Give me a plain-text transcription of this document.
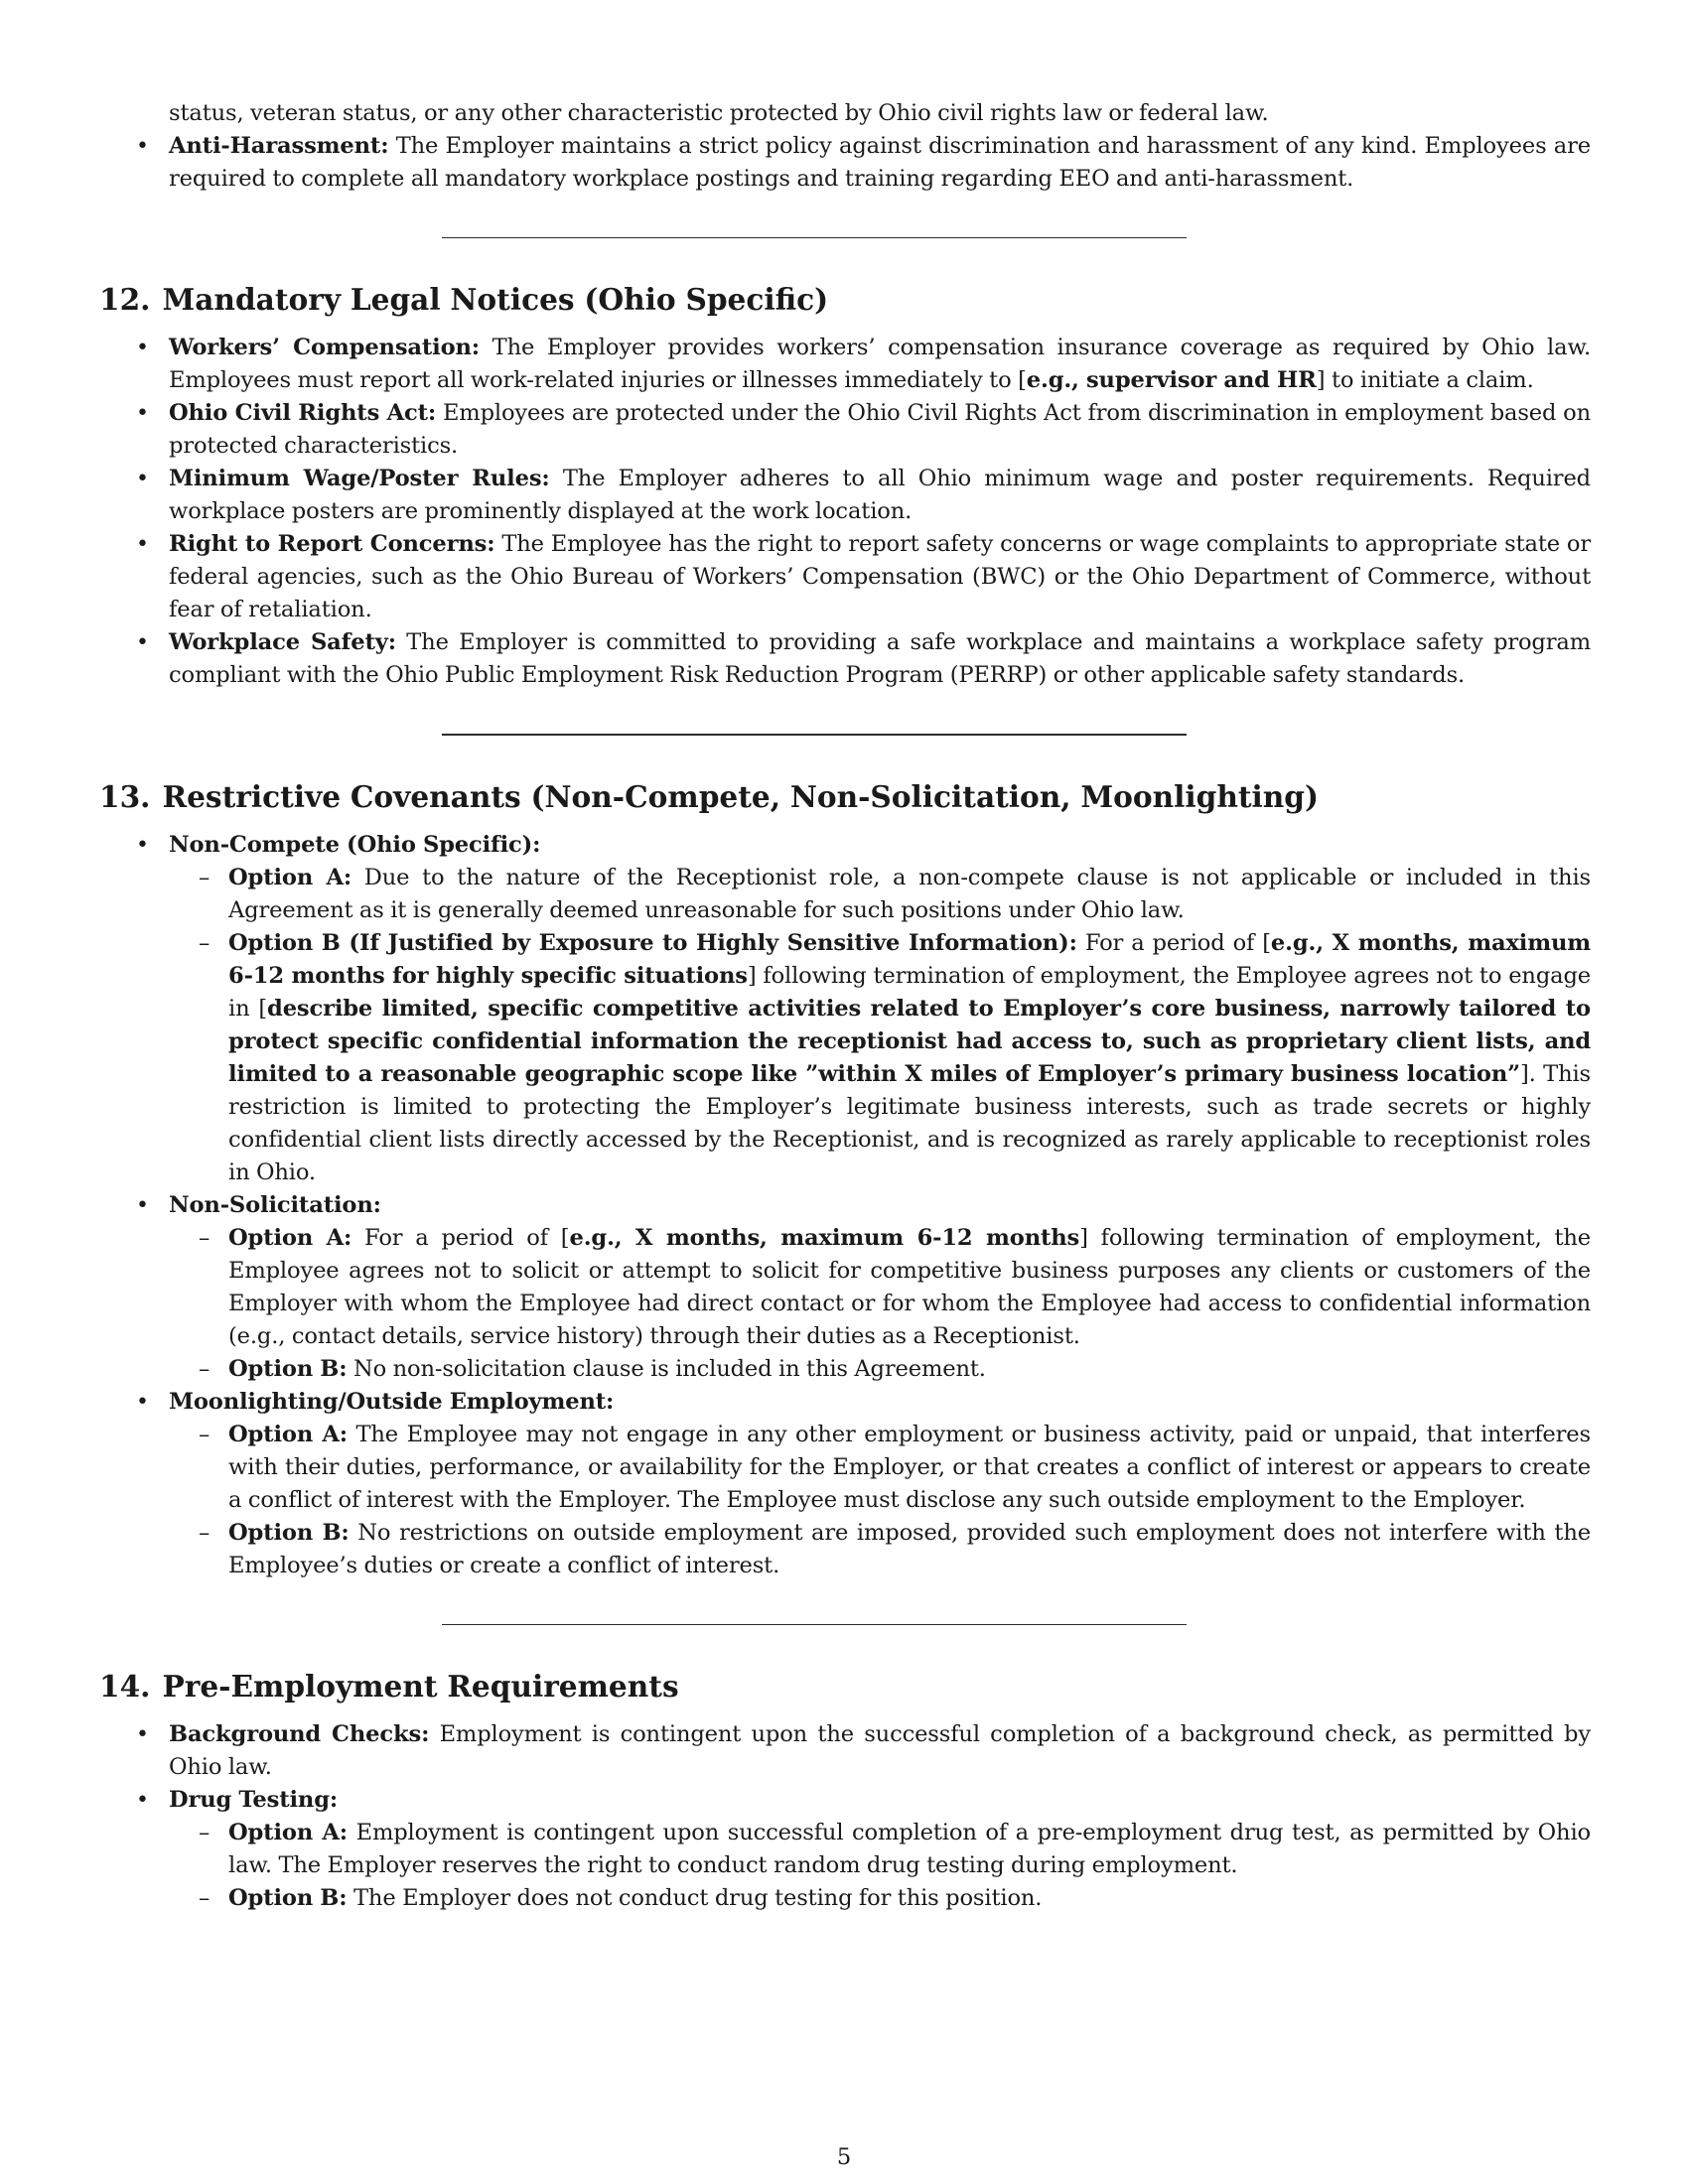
status, veteran status, or any other characteristic protected by Ohio civil rights law or federal law.
• Anti-Harassment: The Employer maintains a strict policy against discrimination and harassment of any kind. Employees are required to complete all mandatory workplace postings and training regarding EEO and anti-harassment.
12. Mandatory Legal Notices (Ohio Specific)
• Workers’ Compensation: The Employer provides workers’ compensation insurance coverage as required by Ohio law. Employees must report all work-related injuries or illnesses immediately to [e.g., supervisor and HR] to initiate a claim.
• Ohio Civil Rights Act: Employees are protected under the Ohio Civil Rights Act from discrimination in employment based on protected characteristics.
• Minimum Wage/Poster Rules: The Employer adheres to all Ohio minimum wage and poster requirements. Required workplace posters are prominently displayed at the work location.
• Right to Report Concerns: The Employee has the right to report safety concerns or wage complaints to appropriate state or federal agencies, such as the Ohio Bureau of Workers’ Compensation (BWC) or the Ohio Department of Commerce, without fear of retaliation.
• Workplace Safety: The Employer is committed to providing a safe workplace and maintains a workplace safety program compliant with the Ohio Public Employment Risk Reduction Program (PERRP) or other applicable safety standards.
13. Restrictive Covenants (Non-Compete, Non-Solicitation, Moonlighting)
• Non-Compete (Ohio Specific):
– Option A: Due to the nature of the Receptionist role, a non-compete clause is not applicable or included in this Agreement as it is generally deemed unreasonable for such positions under Ohio law.
– Option B (If Justified by Exposure to Highly Sensitive Information): For a period of [e.g., X months, maximum 6-12 months for highly specific situations] following termination of employment, the Employee agrees not to engage in [describe limited, specific competitive activities related to Employer’s core business, narrowly tailored to protect specific confidential information the receptionist had access to, such as proprietary client lists, and limited to a reasonable geographic scope like ”within X miles of Employer’s primary business location”]. This restriction is limited to protecting the Employer’s legitimate business interests, such as trade secrets or highly confidential client lists directly accessed by the Receptionist, and is recognized as rarely applicable to receptionist roles in Ohio.
• Non-Solicitation:
– Option A: For a period of [e.g., X months, maximum 6-12 months] following termination of employment, the Employee agrees not to solicit or attempt to solicit for competitive business purposes any clients or customers of the Employer with whom the Employee had direct contact or for whom the Employee had access to confidential information (e.g., contact details, service history) through their duties as a Receptionist.
– Option B: No non-solicitation clause is included in this Agreement.
• Moonlighting/Outside Employment:
– Option A: The Employee may not engage in any other employment or business activity, paid or unpaid, that interferes with their duties, performance, or availability for the Employer, or that creates a conflict of interest or appears to create a conflict of interest with the Employer. The Employee must disclose any such outside employment to the Employer.
– Option B: No restrictions on outside employment are imposed, provided such employment does not interfere with the Employee’s duties or create a conflict of interest.
14. Pre-Employment Requirements
• Background Checks: Employment is contingent upon the successful completion of a background check, as permitted by Ohio law.
• Drug Testing:
– Option A: Employment is contingent upon successful completion of a pre-employment drug test, as permitted by Ohio law. The Employer reserves the right to conduct random drug testing during employment.
– Option B: The Employer does not conduct drug testing for this position.
5
